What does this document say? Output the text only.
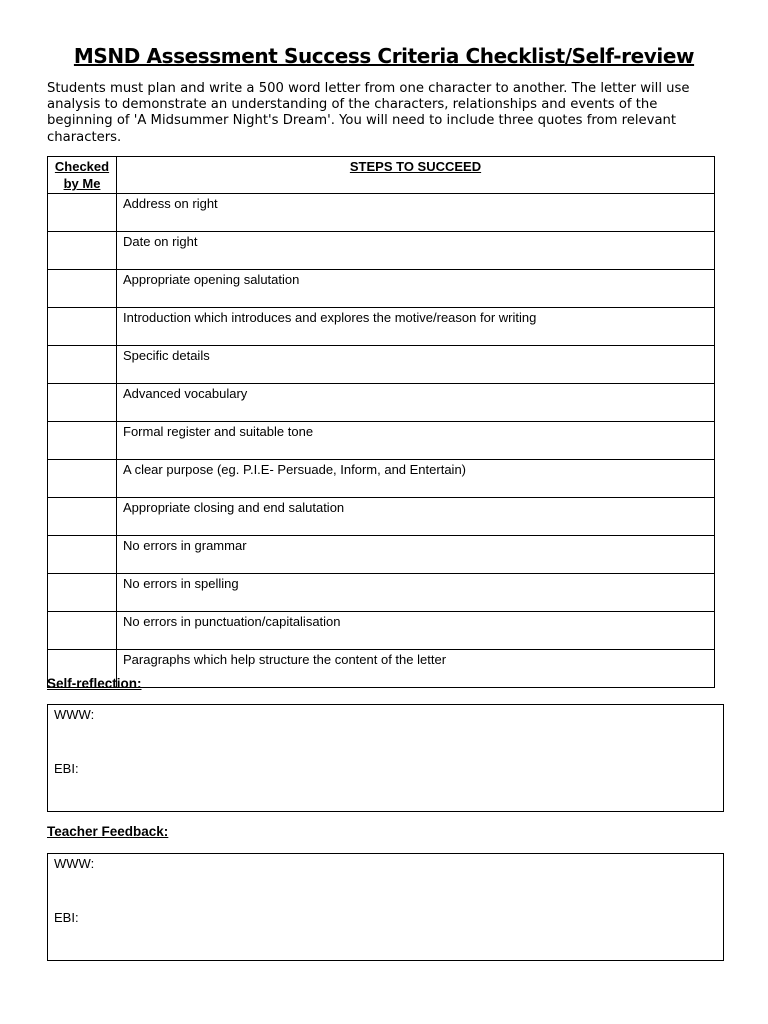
MSND Assessment Success Criteria Checklist/Self-review
Students must plan and write a 500 word letter from one character to another. The letter will use analysis to demonstrate an understanding of the characters, relationships and events of the beginning of 'A Midsummer Night's Dream'. You will need to include three quotes from relevant characters.
Checked by Me	STEPS TO SUCCEED
	Address on right
	Date on right
	Appropriate opening salutation
	Introduction which introduces and explores the motive/reason for writing
	Specific details
	Advanced vocabulary
	Formal register and suitable tone
	A clear purpose (eg. P.I.E- Persuade, Inform, and Entertain)
	Appropriate closing and end salutation
	No errors in grammar
	No errors in spelling
	No errors in punctuation/capitalisation
	Paragraphs which help structure the content of the letter
Self-reflection:
WWW:
EBI:
Teacher Feedback:
WWW:
EBI:
